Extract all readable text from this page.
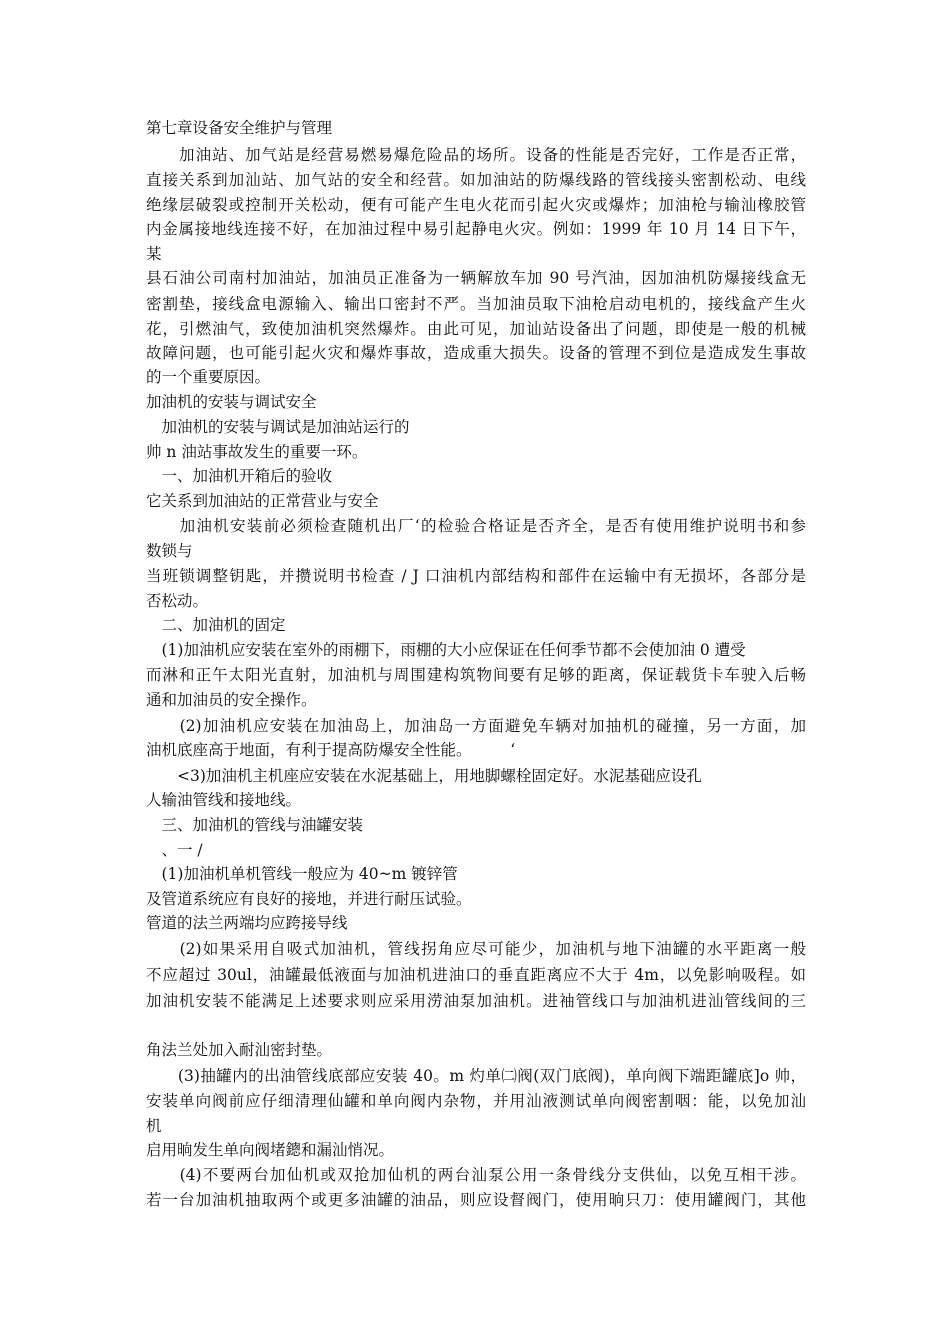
第七章设备安全维护与管理
　　加油站、加气站是经营易燃易爆危险品的场所。设备的性能是否完好，工作是否正常，
直接关系到加汕站、加气站的安全和经营。如加油站的防爆线路的管线接头密割松动、电线
绝缘层破裂或控制开关松动，便有可能产生电火花而引起火灾或爆炸；加油枪与输汕橡胶管
内金属接地线连接不好，在加油过程中易引起静电火灾。例如：1999 年 10 月 14 日下午，
某
县石油公司南村加油站，加油员正准备为一辆解放车加 90 号汽油，因加油机防爆接线盒无
密割垫，接线盒电源输入、输出口密封不严。当加油员取下油枪启动电机的，接线盒产生火
花，引燃油气，致使加油机突然爆炸。由此可见，加讪站设备出了问题，即使是一般的机械
故障问题，也可能引起火灾和爆炸事故，造成重大损失。设备的管理不到位是造成发生事故
的一个重要原因。
加油机的安装与调试安全
　加油机的安装与调试是加油站运行的
帅 n 油站事故发生的重要一环。
　一、加油机开箱后的验收
它关系到加油站的正常营业与安全
　　加油机安装前必须检查随机出厂‘的检验合格证是否齐全，是否有使用维护说明书和参
数锁与
当班锁调整钥匙，并攒说明书检查 / J 口油机内部结构和部件在运输中有无损坏，各部分是
否松动。
　二、加油机的固定
　(1)加油机应安装在室外的雨棚下，雨棚的大小应保证在任何季节都不会使加油 0 遭受
而淋和正午太阳光直射，加油机与周围建构筑物间要有足够的距离，保证载货卡车驶入后畅
通和加油员的安全操作。
　　(2)加油机应安装在加油岛上，加油岛一方面避免车辆对加抽机的碰撞，另一方面，加
油机底座高于地面，有利于提高防爆安全性能。　　　‘
　　<3)加油机主机座应安装在水泥基础上，用地脚螺栓固定好。水泥基础应设孔
人输油管线和接地线。
　三、加油机的管线与油罐安装
　、一 /
　(1)加油机单机管线一般应为 40~m 镀锌管
及管道系统应有良好的接地，并进行耐压试验。
管道的法兰两端均应跨接导线
　　(2)如果采用自吸式加油机，管线拐角应尽可能少，加油机与地下油罐的水平距离一般
不应超过 30ul，油罐最低液面与加油机进油口的垂直距离应不大于 4m，以免影响吸程。如
加油机安装不能满足上述要求则应采用涝油泵加油机。进袖管线口与加油机进汕管线间的三
角法兰处加入耐汕密封垫。
　　(3)抽罐内的出油管线底部应安装 40。m 灼单㈡阀(双门底阀)，单向阀下端距罐底]o 帅，
安装单向阀前应仔细清理仙罐和单向阀内杂物，并用汕液测试单向阀密割咽：能，以免加汕
机
启用晌发生单向阀堵鏓和漏汕悄况。
　　(4)不要两台加仙机或双抢加仙机的两台汕泵公用一条骨线分支供仙，以免互相干涉。
若一台加油机抽取两个或更多油罐的油品，则应设督阀门，使用晌只刀：使用罐阀门，其他
